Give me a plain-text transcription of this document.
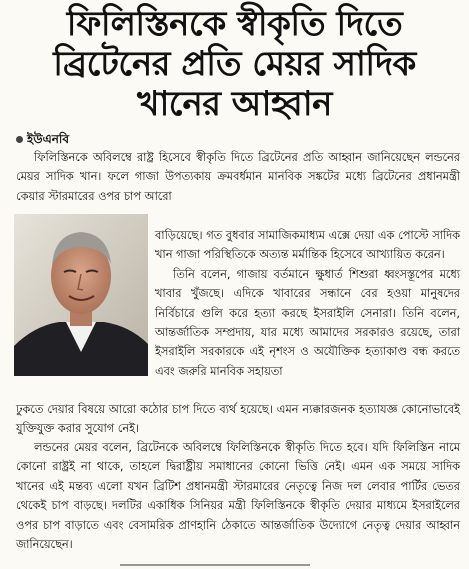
ফিলিস্তিনকে স্বীকৃতি দিতে
ব্রিটেনের প্রতি মেয়র সাদিক
খানের আহ্বান
ইউএনবি
ফিলিস্তিনকে অবিলম্বে রাষ্ট্র হিসেবে স্বীকৃতি দিতে ব্রিটেনের প্রতি আহ্বান জানিয়েছেন লন্ডনের মেয়র সাদিক খান। ফলে গাজা উপত্যকায় ক্রমবর্ধমান মানবিক সঙ্কটের মধ্যে ব্রিটেনের প্রধানমন্ত্রী কেয়ার স্টারমারের ওপর চাপ আরো
বাড়িয়েছে। গত বুধবার সামাজিকমাধ্যম এক্সে দেয়া এক পোস্টে সাদিক খান গাজা পরিস্থিতিকে অত্যন্ত মর্মান্তিক হিসেবে আখ্যায়িত করেন।
তিনি বলেন, গাজায় বর্তমানে ক্ষুধার্ত শিশুরা ধ্বংসস্তূপের মধ্যে খাবার খুঁজছে। এদিকে খাবারের সন্ধানে বের হওয়া মানুষদের নির্বিচারে গুলি করে হত্যা করছে ইসরাইলি সেনারা। তিনি বলেন, আন্তর্জাতিক সম্প্রদায়, যার মধ্যে আমাদের সরকারও রয়েছে, তারা ইসরাইলি সরকারকে এই নৃশংস ও অযৌক্তিক হত্যাকাণ্ড বন্ধ করতে এবং জরুরি মানবিক সহায়তা
ঢুকতে দেয়ার বিষয়ে আরো কঠোর চাপ দিতে ব্যর্থ হয়েছে। এমন ন্যক্কারজনক হত্যাযজ্ঞ কোনোভাবেই যুক্তিযুক্ত করার সুযোগ নেই।
লন্ডনের মেয়র বলেন, ব্রিটেনকে অবিলম্বে ফিলিস্তিনকে স্বীকৃতি দিতে হবে। যদি ফিলিস্তিন নামে কোনো রাষ্ট্রই না থাকে, তাহলে দ্বিরাষ্ট্রীয় সমাধানের কোনো ভিত্তি নেই। এমন এক সময়ে সাদিক খানের এই মন্তব্য এলো যখন ব্রিটিশ প্রধানমন্ত্রী স্টারমারের নেতৃত্বে নিজ দল লেবার পার্টির ভেতর থেকেই চাপ বাড়ছে। দলটির একাধিক সিনিয়র মন্ত্রী ফিলিস্তিনকে স্বীকৃতি দেয়ার মাধ্যমে ইসরাইলের ওপর চাপ বাড়াতে এবং বেসামরিক প্রাণহানি ঠেকাতে আন্তর্জাতিক উদ্যোগে নেতৃত্ব দেয়ার আহ্বান জানিয়েছেন।
